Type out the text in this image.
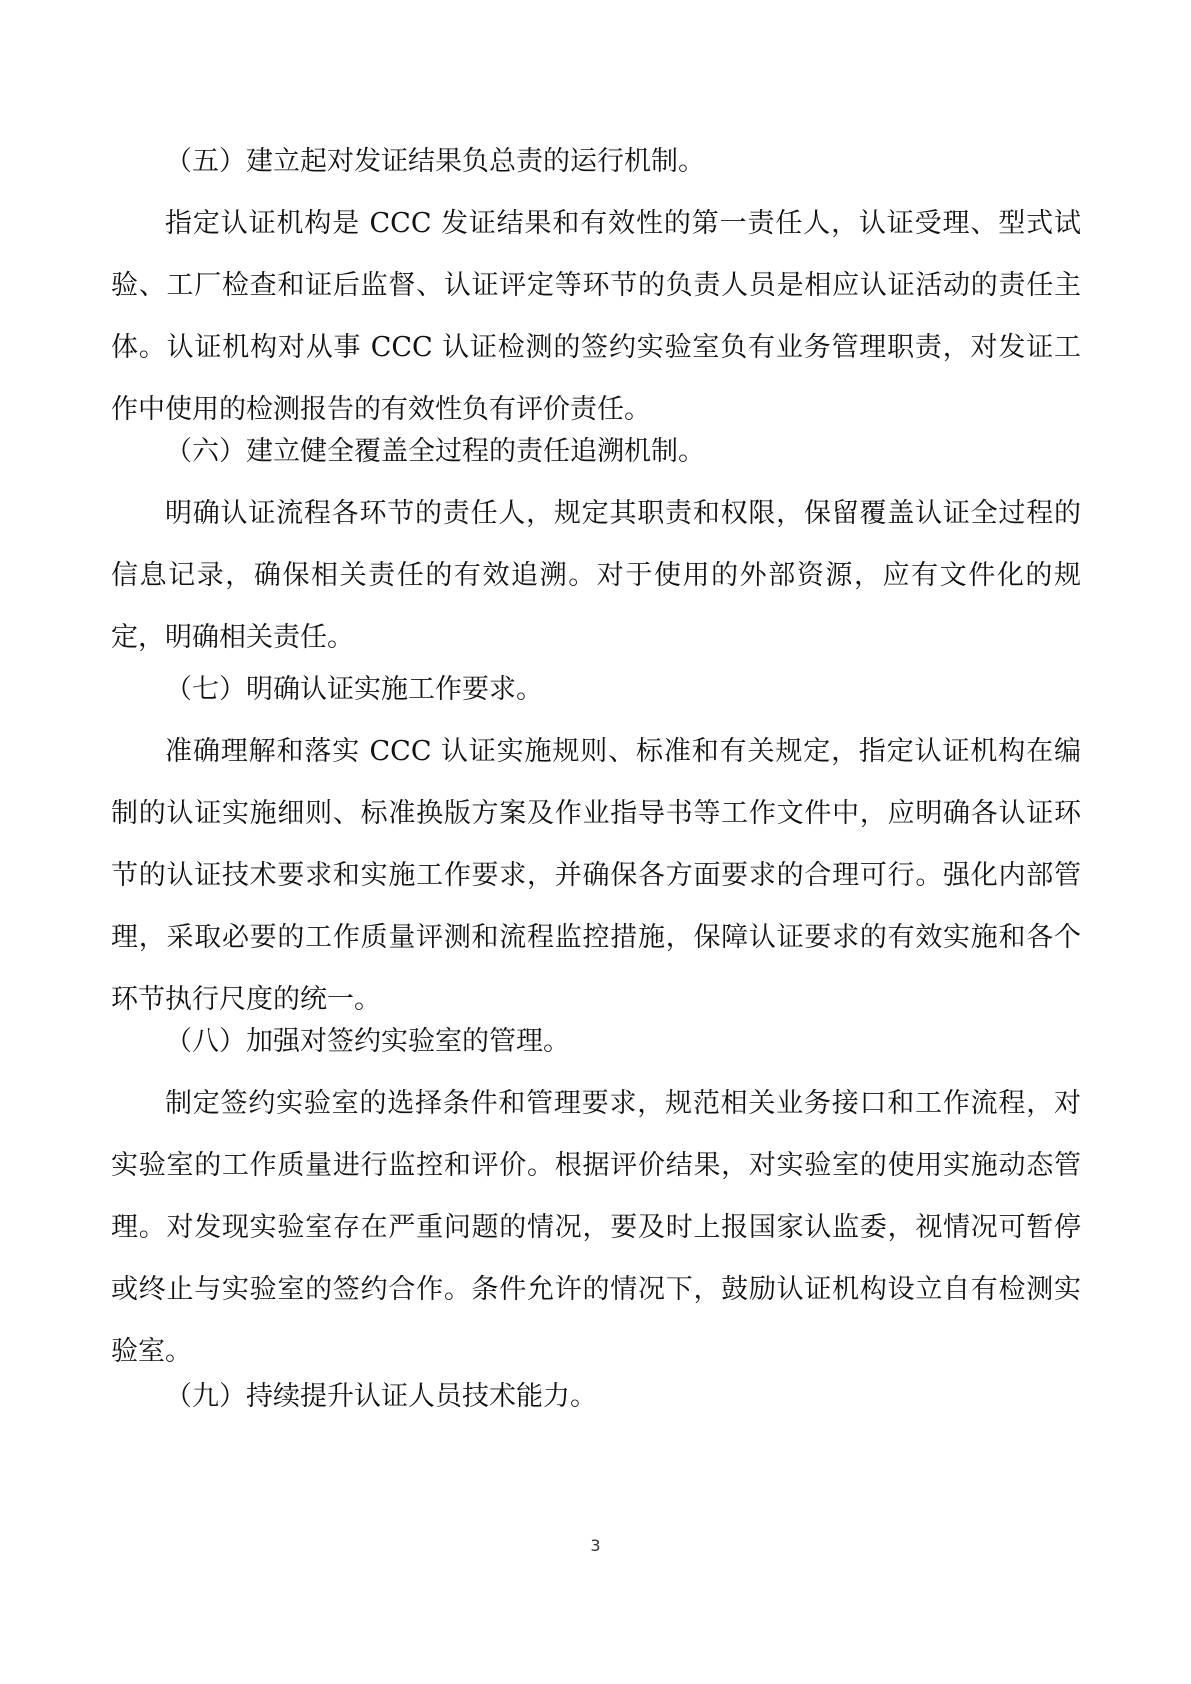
（五）建立起对发证结果负总责的运行机制。

指定认证机构是 CCC 发证结果和有效性的第一责任人，认证受理、型式试验、工厂检查和证后监督、认证评定等环节的负责人员是相应认证活动的责任主体。认证机构对从事 CCC 认证检测的签约实验室负有业务管理职责，对发证工作中使用的检测报告的有效性负有评价责任。

（六）建立健全覆盖全过程的责任追溯机制。

明确认证流程各环节的责任人，规定其职责和权限，保留覆盖认证全过程的信息记录，确保相关责任的有效追溯。对于使用的外部资源，应有文件化的规定，明确相关责任。

（七）明确认证实施工作要求。

准确理解和落实 CCC 认证实施规则、标准和有关规定，指定认证机构在编制的认证实施细则、标准换版方案及作业指导书等工作文件中，应明确各认证环节的认证技术要求和实施工作要求，并确保各方面要求的合理可行。强化内部管理，采取必要的工作质量评测和流程监控措施，保障认证要求的有效实施和各个环节执行尺度的统一。

（八）加强对签约实验室的管理。

制定签约实验室的选择条件和管理要求，规范相关业务接口和工作流程，对实验室的工作质量进行监控和评价。根据评价结果，对实验室的使用实施动态管理。对发现实验室存在严重问题的情况，要及时上报国家认监委，视情况可暂停或终止与实验室的签约合作。条件允许的情况下，鼓励认证机构设立自有检测实验室。

（九）持续提升认证人员技术能力。
3
